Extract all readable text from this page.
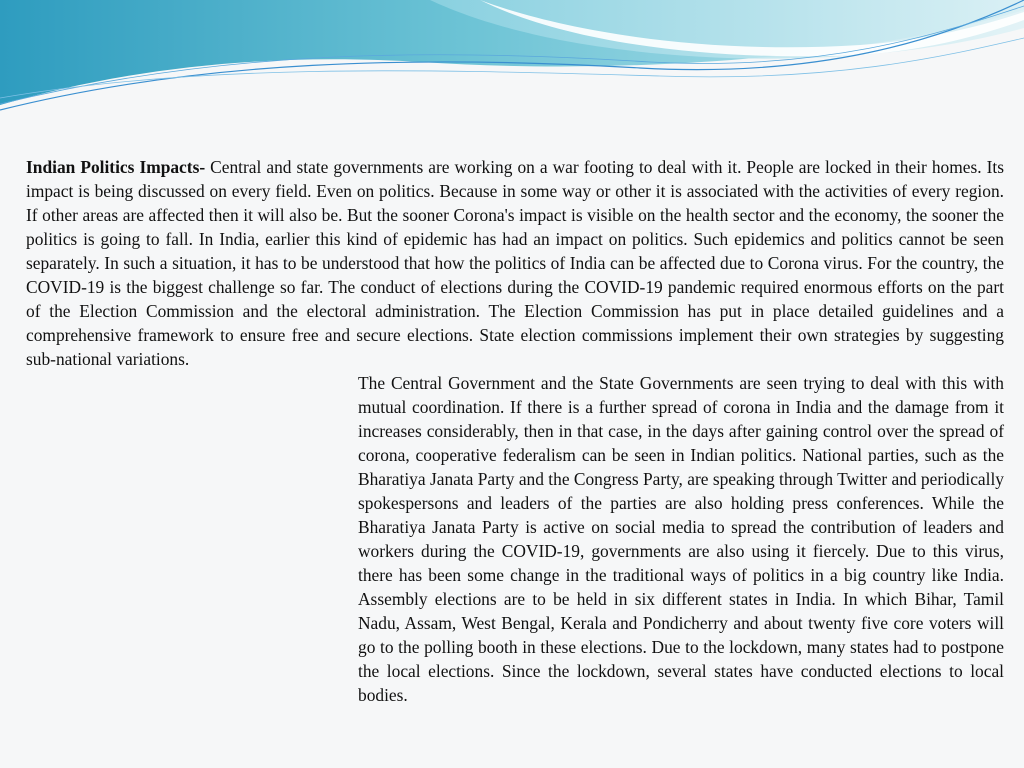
Indian Politics Impacts- Central and state governments are working on a war footing to deal with it. People are locked in their homes. Its impact is being discussed on every field. Even on politics. Because in some way or other it is associated with the activities of every region. If other areas are affected then it will also be. But the sooner Corona's impact is visible on the health sector and the economy, the sooner the politics is going to fall. In India, earlier this kind of epidemic has had an impact on politics. Such epidemics and politics cannot be seen separately. In such a situation, it has to be understood that how the politics of India can be affected due to Corona virus. For the country, the COVID-19 is the biggest challenge so far. The conduct of elections during the COVID-19 pandemic required enormous efforts on the part of the Election Commission and the electoral administration. The Election Commission has put in place detailed guidelines and a comprehensive framework to ensure free and secure elections. State election commissions implement their own strategies by suggesting sub-national variations.

The Central Government and the State Governments are seen trying to deal with this with mutual coordination. If there is a further spread of corona in India and the damage from it increases considerably, then in that case, in the days after gaining control over the spread of corona, cooperative federalism can be seen in Indian politics. National parties, such as the Bharatiya Janata Party and the Congress Party, are speaking through Twitter and periodically spokespersons and leaders of the parties are also holding press conferences. While the Bharatiya Janata Party is active on social media to spread the contribution of leaders and workers during the COVID-19, governments are also using it fiercely. Due to this virus, there has been some change in the traditional ways of politics in a big country like India. Assembly elections are to be held in six different states in India. In which Bihar, Tamil Nadu, Assam, West Bengal, Kerala and Pondicherry and about twenty five core voters will go to the polling booth in these elections. Due to the lockdown, many states had to postpone the local elections. Since the lockdown, several states have conducted elections to local bodies.
